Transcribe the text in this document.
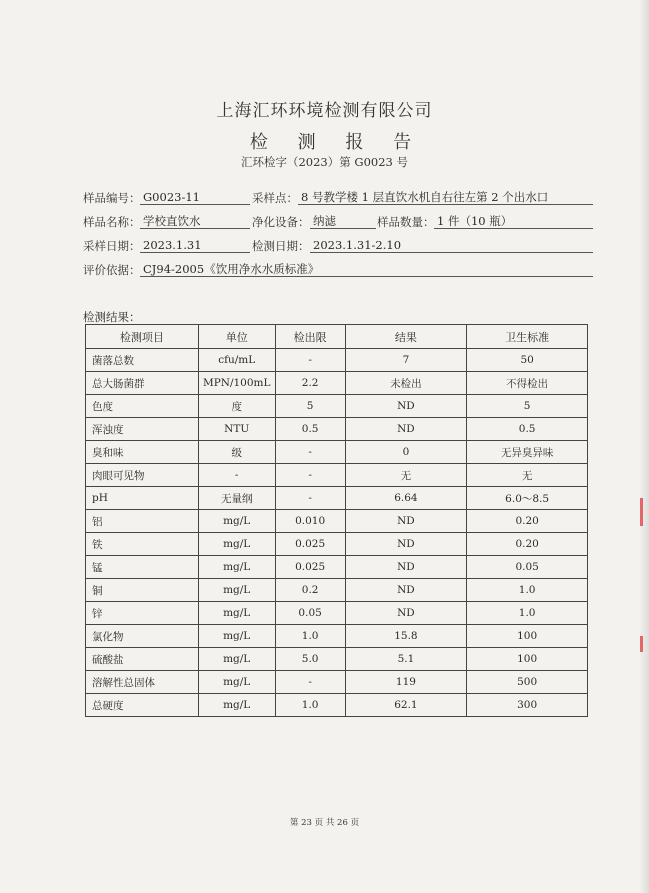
上海汇环环境检测有限公司
检 测 报 告
汇环检字（2023）第 G0023 号
样品编号： G0023-11	采样点： 8 号教学楼 1 层直饮水机自右往左第 2 个出水口
样品名称： 学校直饮水	净化设备： 纳滤	样品数量： 1 件（10 瓶）
采样日期： 2023.1.31	检测日期： 2023.1.31-2.10
评价依据： CJ94-2005《饮用净水水质标准》
检测结果：
检测项目	单位	检出限	结果	卫生标准
菌落总数	cfu/mL	-	7	50
总大肠菌群	MPN/100mL	2.2	未检出	不得检出
色度	度	5	ND	5
浑浊度	NTU	0.5	ND	0.5
臭和味	级	-	0	无异臭异味
肉眼可见物	-	-	无	无
pH	无量纲	-	6.64	6.0～8.5
铝	mg/L	0.010	ND	0.20
铁	mg/L	0.025	ND	0.20
锰	mg/L	0.025	ND	0.05
铜	mg/L	0.2	ND	1.0
锌	mg/L	0.05	ND	1.0
氯化物	mg/L	1.0	15.8	100
硫酸盐	mg/L	5.0	5.1	100
溶解性总固体	mg/L	-	119	500
总硬度	mg/L	1.0	62.1	300
第 23 页 共 26 页
